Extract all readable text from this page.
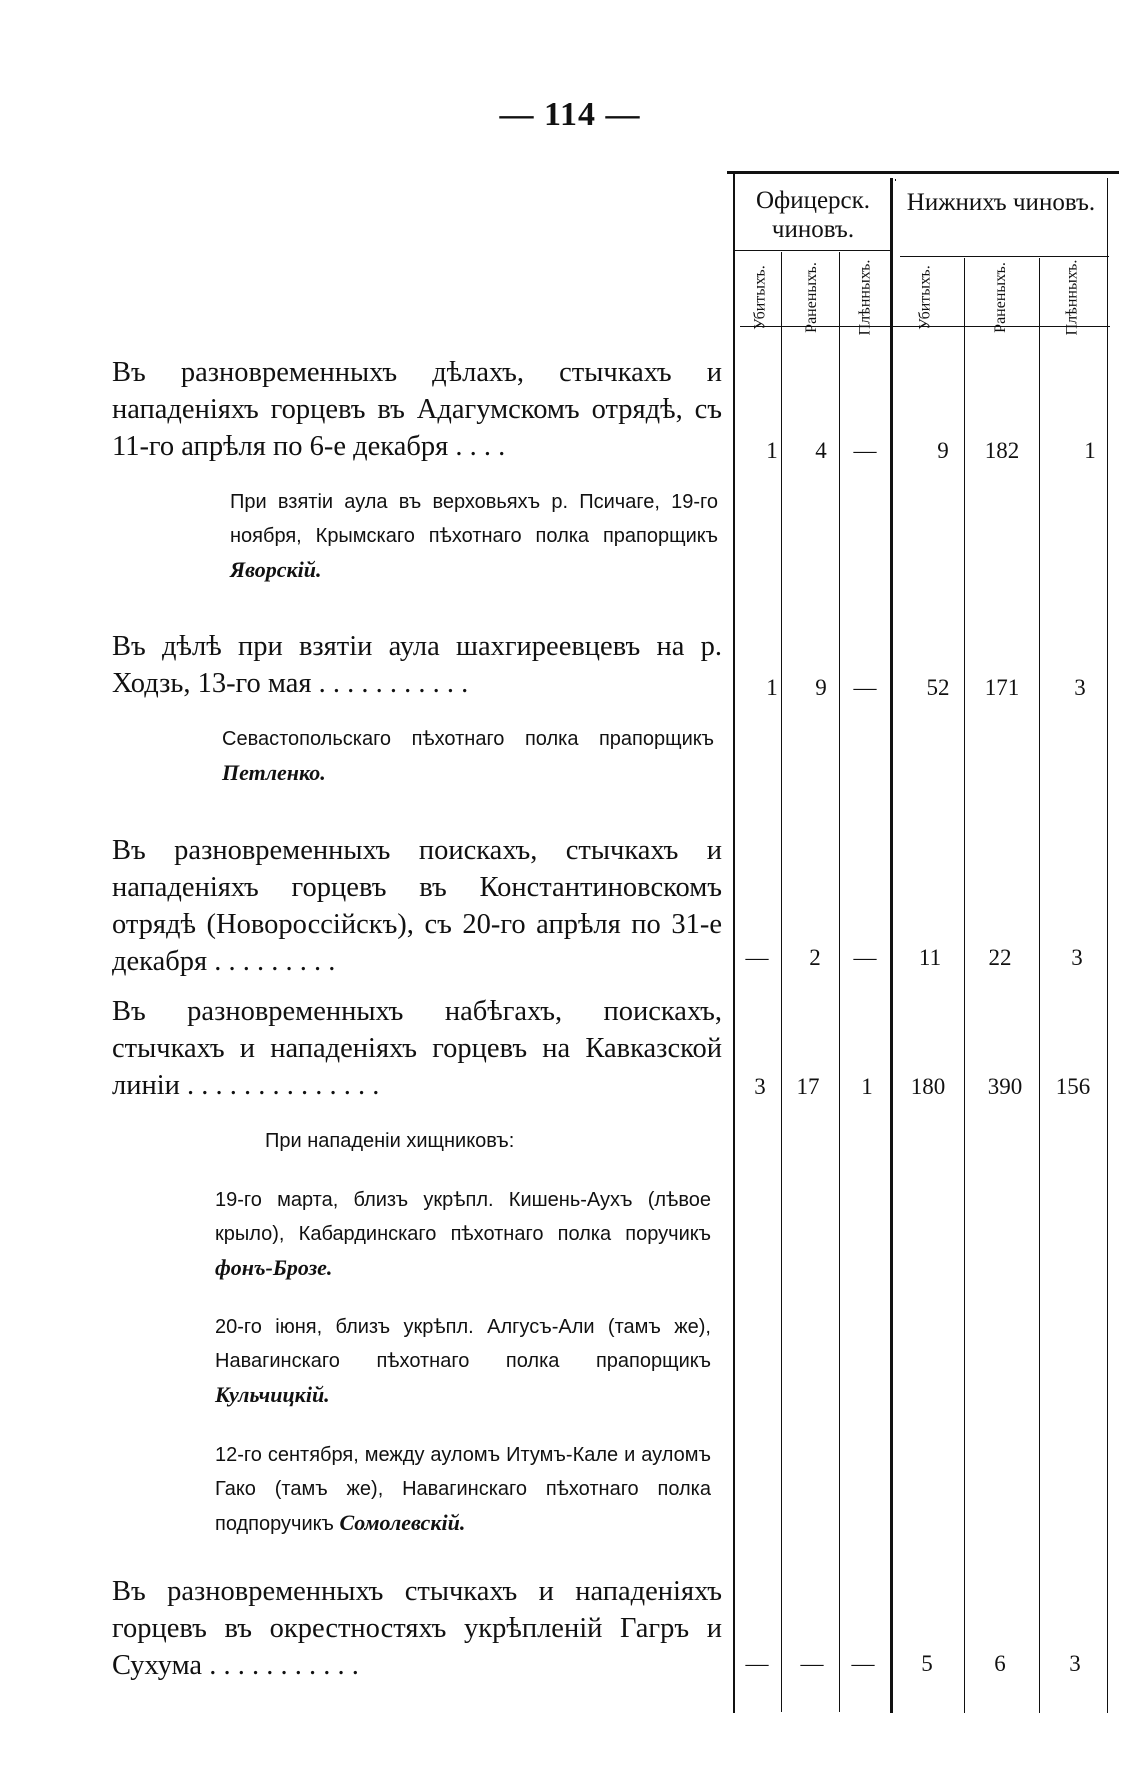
— 114 —
Офицерск. чиновъ.
Нижнихъ чиновъ.
Убитыхъ. Раненыхъ. Плѣнныхъ.	Убитыхъ.	Раненыхъ.	Плѣнныхъ.
Въ разновременныхъ дѣлахъ, стычкахъ и нападеніяхъ горцевъ въ Адагумскомъ отрядѣ, съ 11-го апрѣля по 6-е декабря . . . .	1	4	—	9	182	1
При взятіи аула въ верховьяхъ р. Псичаге, 19-го ноября, Крымскаго пѣхотнаго полка прапорщикъ Яворскій.
Въ дѣлѣ при взятіи аула шахгиреевцевъ на р. Ходзь, 13-го мая . . . . . . . . . . .	1	9	—	52	171	3
Севастопольскаго пѣхотнаго полка прапорщикъ Петленко.
Въ разновременныхъ поискахъ, стычкахъ и нападеніяхъ горцевъ въ Константиновскомъ отрядѣ (Новороссійскъ), съ 20-го апрѣля по 31-е декабря . . . . . . . . .	—	2	—	11	22	3
Въ разновременныхъ набѣгахъ, поискахъ, стычкахъ и нападеніяхъ горцевъ на Кавказской линіи . . . . . . . . . . . . . .	3	17	1	180	390	156
При нападеніи хищниковъ:
19-го марта, близъ укрѣпл. Кишень-Аухъ (лѣвое крыло), Кабардинскаго пѣхотнаго полка поручикъ фонъ-Брозе.
20-го іюня, близъ укрѣпл. Алгусъ-Али (тамъ же), Навагинскаго пѣхотнаго полка прапорщикъ Кульчицкій.
12-го сентября, между ауломъ Итумъ-Кале и ауломъ Гако (тамъ же), Навагинскаго пѣхотнаго полка подпоручикъ Сомолевскій.
Въ разновременныхъ стычкахъ и нападеніяхъ горцевъ въ окрестностяхъ укрѣпленій Гагръ и Сухума . . . . . . . . . . .	—	—	—	5	6	3
